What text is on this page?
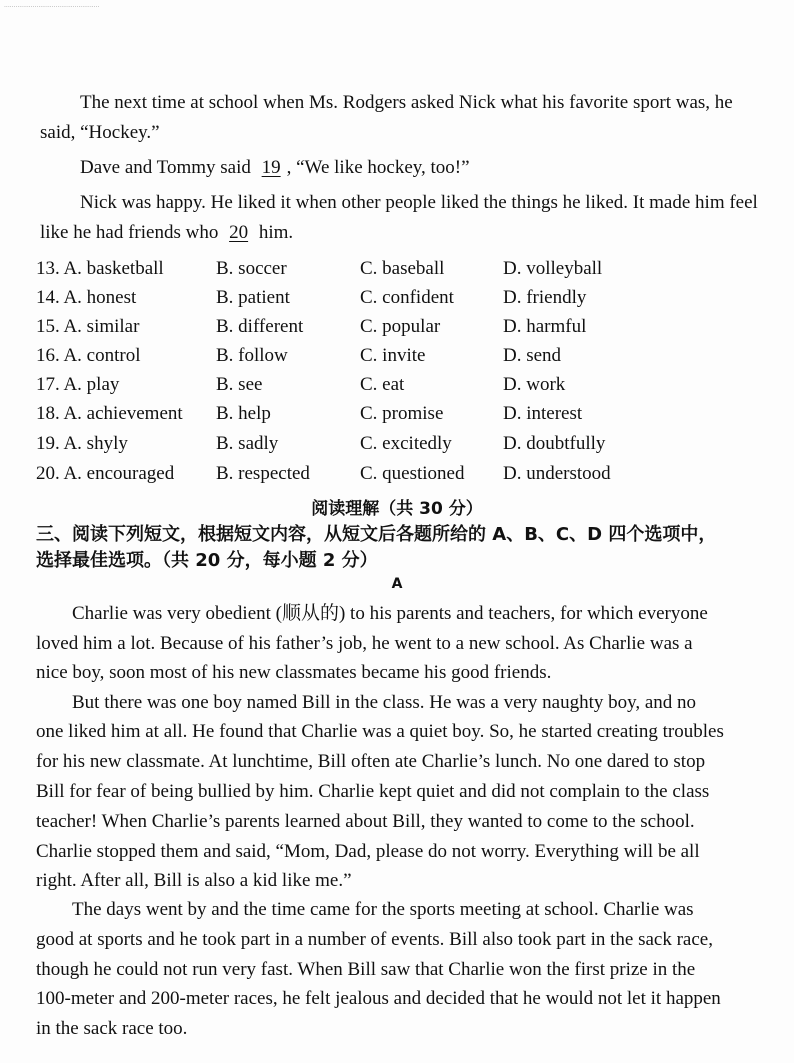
..................................................
The next time at school when Ms. Rodgers asked Nick what his favorite sport was, he
said, “Hockey.”
Dave and Tommy said 19 , “We like hockey, too!”
Nick was happy. He liked it when other people liked the things he liked. It made him feel
like he had friends who 20 him.
13. A. basketball	B. soccer	C. baseball	D. volleyball
14. A. honest	B. patient	C. confident	D. friendly
15. A. similar	B. different	C. popular	D. harmful
16. A. control	B. follow	C. invite	D. send
17. A. play	B. see	C. eat	D. work
18. A. achievement B. help	C. promise	D. interest
19. A. shyly	B. sadly	C. excitedly	D. doubtfully
20. A. encouraged B. respected	C. questioned D. understood
阅读理解（共 30 分）
三、阅读下列短文，根据短文内容，从短文后各题所给的 A、B、C、D 四个选项中，
选择最佳选项。（共 20 分，每小题 2 分）
A
Charlie was very obedient (顺从的) to his parents and teachers, for which everyone
loved him a lot. Because of his father’s job, he went to a new school. As Charlie was a
nice boy, soon most of his new classmates became his good friends.
But there was one boy named Bill in the class. He was a very naughty boy, and no
one liked him at all. He found that Charlie was a quiet boy. So, he started creating troubles
for his new classmate. At lunchtime, Bill often ate Charlie’s lunch. No one dared to stop
Bill for fear of being bullied by him. Charlie kept quiet and did not complain to the class
teacher! When Charlie’s parents learned about Bill, they wanted to come to the school.
Charlie stopped them and said, “Mom, Dad, please do not worry. Everything will be all
right. After all, Bill is also a kid like me.”
The days went by and the time came for the sports meeting at school. Charlie was
good at sports and he took part in a number of events. Bill also took part in the sack race,
though he could not run very fast. When Bill saw that Charlie won the first prize in the
100-meter and 200-meter races, he felt jealous and decided that he would not let it happen
in the sack race too.
